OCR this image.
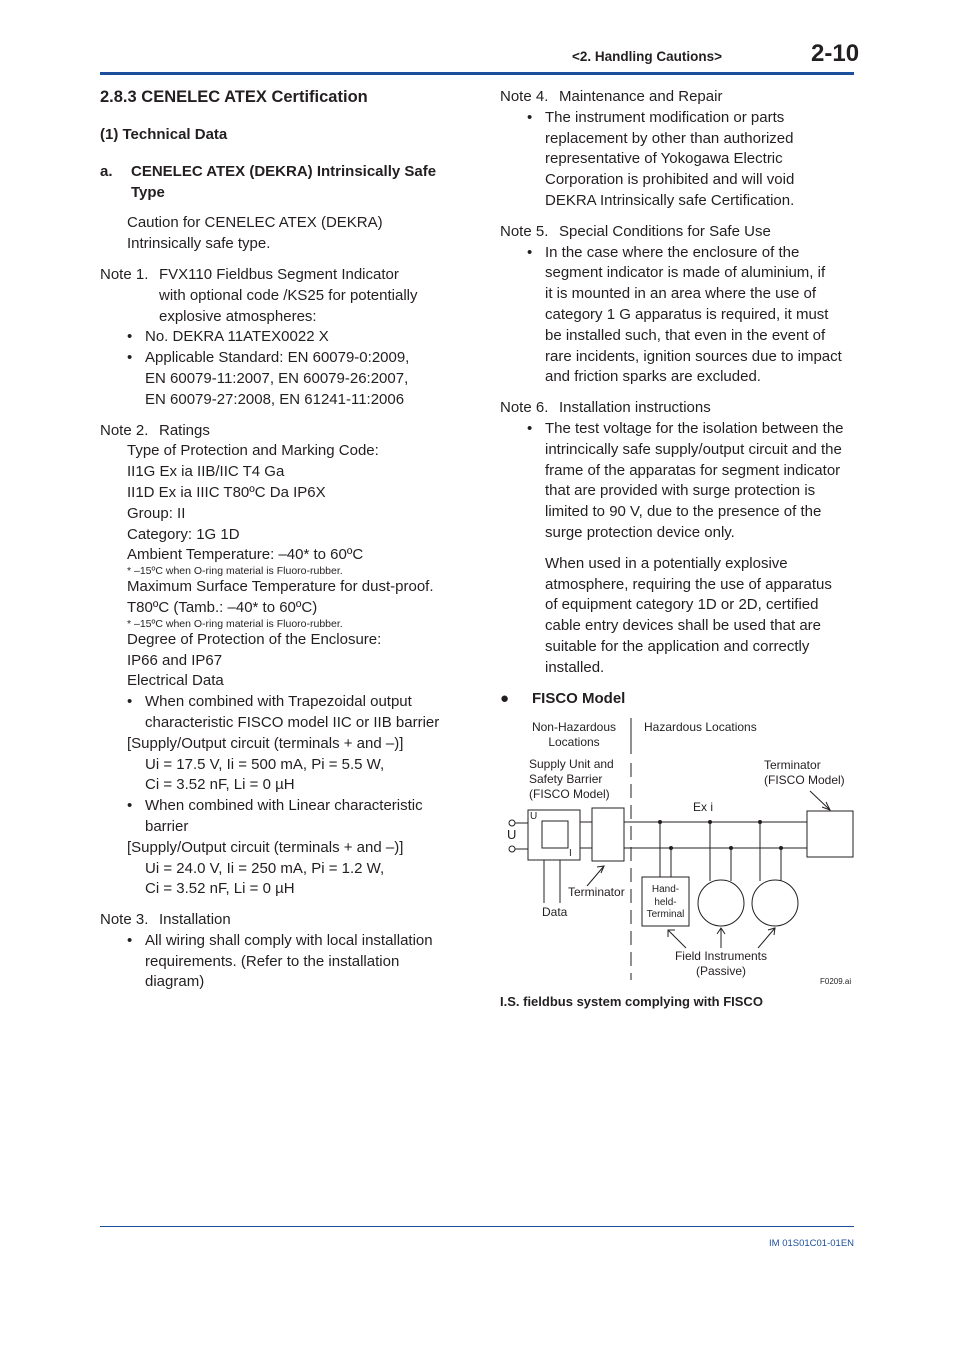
<2. Handling Cautions>	2-10
IM 01S01C01-01EN
2.8.3 CENELEC ATEX Certification
(1) Technical Data
a.	CENELEC ATEX (DEKRA) Intrinsically Safe Type
Caution for CENELEC ATEX (DEKRA)
Intrinsically safe type.
Note 1. FVX110 Fieldbus Segment Indicator
with optional code /KS25 for potentially
explosive atmospheres:
• No. DEKRA 11ATEX0022 X
• Applicable Standard: EN 60079-0:2009,
EN 60079-11:2007, EN 60079-26:2007,
EN 60079-27:2008, EN 61241-11:2006
Note 2. Ratings
Type of Protection and Marking Code:
II1G Ex ia IIB/IIC T4 Ga
II1D Ex ia IIIC T80ºC Da IP6X
Group: II
Category: 1G 1D
Ambient Temperature: –40* to 60ºC
* –15ºC when O-ring material is Fluoro-rubber.
Maximum Surface Temperature for dust-proof.
T80ºC (Tamb.: –40* to 60ºC)
* –15ºC when O-ring material is Fluoro-rubber.
Degree of Protection of the Enclosure:
IP66 and IP67
Electrical Data
• When combined with Trapezoidal output
characteristic FISCO model IIC or IIB barrier
[Supply/Output circuit (terminals + and –)]
Ui = 17.5 V, Ii = 500 mA, Pi = 5.5 W,
Ci = 3.52 nF, Li = 0 µH
• When combined with Linear characteristic
barrier
[Supply/Output circuit (terminals + and –)]
Ui = 24.0 V, Ii = 250 mA, Pi = 1.2 W,
Ci = 3.52 nF, Li = 0 µH
Note 3. Installation
• All wiring shall comply with local installation
requirements. (Refer to the installation
diagram)
Note 4. Maintenance and Repair
• The instrument modification or parts
replacement by other than authorized
representative of Yokogawa Electric
Corporation is prohibited and will void
DEKRA Intrinsically safe Certification.
Note 5. Special Conditions for Safe Use
• In the case where the enclosure of the
segment indicator is made of aluminium, if
it is mounted in an area where the use of
category 1 G apparatus is required, it must
be installed such, that even in the event of
rare incidents, ignition sources due to impact
and friction sparks are excluded.
Note 6. Installation instructions
• The test voltage for the isolation between the
intrincically safe supply/output circuit and the
frame of the apparatas for segment indicator
that are provided with surge protection is
limited to 90 V, due to the presence of the
surge protection device only.
When used in a potentially explosive
atmosphere, requiring the use of apparatus
of equipment category 1D or 2D, certified
cable entry devices shall be used that are
suitable for the application and correctly
installed.
●	FISCO Model
Non-Hazardous
Locations
Hazardous Locations
Supply Unit and
Safety Barrier
(FISCO Model)
Terminator
(FISCO Model)
Ex i
U
U
I
Terminator
Data
Hand-
held-
Terminal
Field Instruments
(Passive)
F0209.ai
I.S. fieldbus system complying with FISCO
